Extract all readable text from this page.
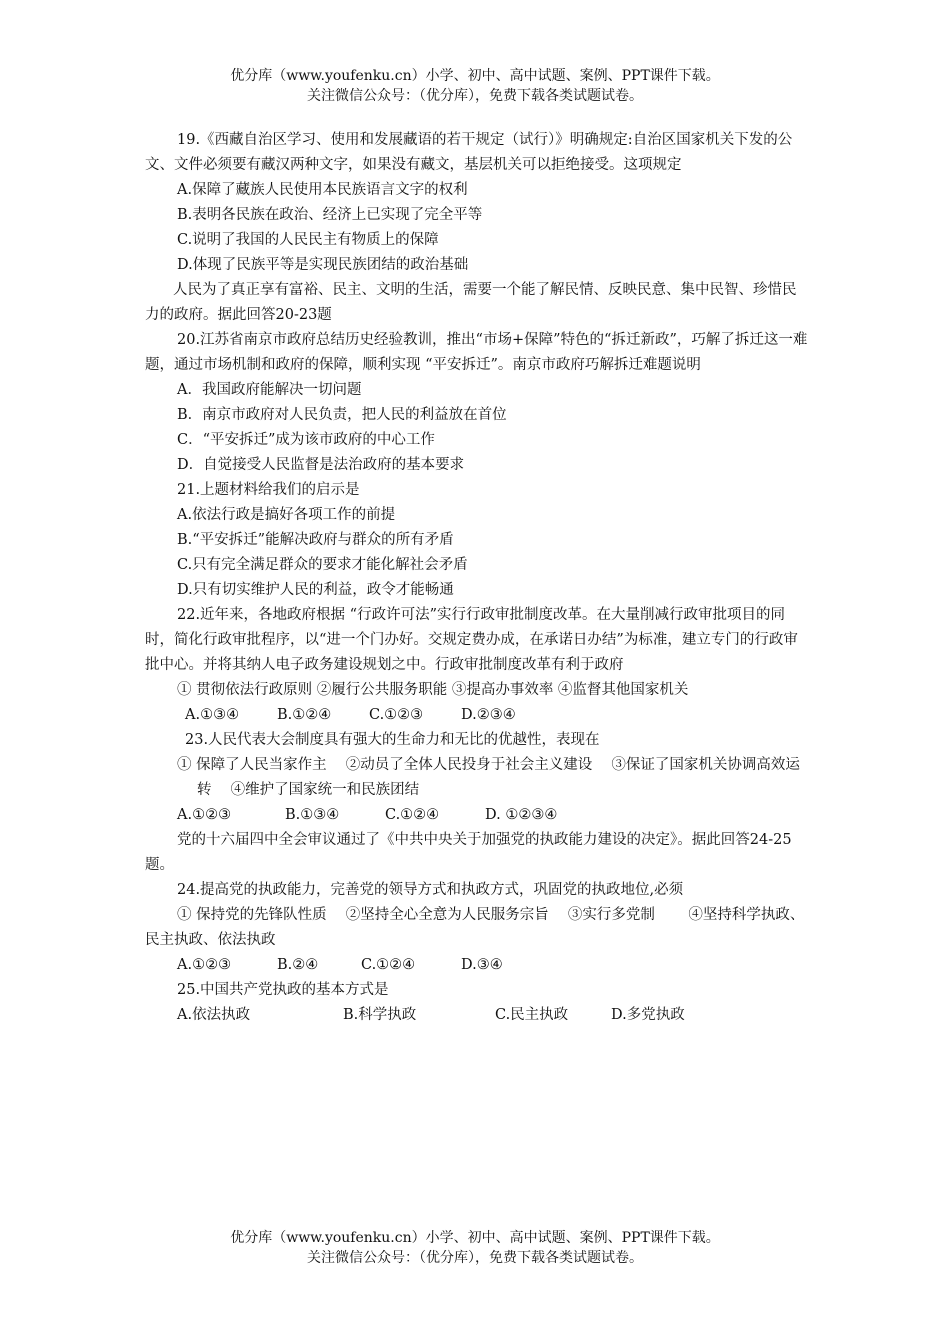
优分库（www.youfenku.cn）小学、初中、高中试题、案例、PPT课件下载。
关注微信公众号：（优分库），免费下载各类试题试卷。

19.《西藏自治区学习、使用和发展藏语的若干规定（试行）》明确规定:自治区国家机关下发的公文、文件必须要有藏汉两种文字，如果没有藏文，基层机关可以拒绝接受。这项规定

A.保障了藏族人民使用本民族语言文字的权利

B.表明各民族在政治、经济上已实现了完全平等

C.说明了我国的人民民主有物质上的保障

D.体现了民族平等是实现民族团结的政治基础

人民为了真正享有富裕、民主、文明的生活，需要一个能了解民情、反映民意、集中民智、珍惜民力的政府。据此回答20-23题

20.江苏省南京市政府总结历史经验教训，推出“市场+保障”特色的“拆迁新政”，巧解了拆迁这一难题，通过市场机制和政府的保障，顺利实现 “平安拆迁”。南京市政府巧解拆迁难题说明

A．我国政府能解决一切问题

B．南京市政府对人民负责，把人民的利益放在首位

C．“平安拆迁”成为该市政府的中心工作

D．自觉接受人民监督是法治政府的基本要求

21.上题材料给我们的启示是

A.依法行政是搞好各项工作的前提

B.“平安拆迁”能解决政府与群众的所有矛盾

C.只有完全满足群众的要求才能化解社会矛盾

D.只有切实维护人民的利益，政令才能畅通

22.近年来，各地政府根据 “行政许可法”实行行政审批制度改革。在大量削减行政审批项目的同时，简化行政审批程序，以“进一个门办好。交规定费办成，在承诺日办结”为标准，建立专门的行政审批中心。并将其纳人电子政务建设规划之中。行政审批制度改革有利于政府

① 贯彻依法行政原则 ②履行公共服务职能 ③提高办事效率 ④监督其他国家机关

A.①③④	B.①②④	C.①②③	D.②③④

23.人民代表大会制度具有强大的生命力和无比的优越性，表现在

① 保障了人民当家作主　 ②动员了全体人民投身于社会主义建设　 ③保证了国家机关协调高效运转　 ④维护了国家统一和民族团结

A.①②③	B.①③④	C.①②④	D. ①②③④

党的十六届四中全会审议通过了《中共中央关于加强党的执政能力建设的决定》。据此回答24-25题。

24.提高党的执政能力，完善党的领导方式和执政方式，巩固党的执政地位,必须

① 保持党的先锋队性质　 ②坚持全心全意为人民服务宗旨　 ③实行多党制　　 ④坚持科学执政、民主执政、依法执政

A.①②③	B.②④	C.①②④	D.③④

25.中国共产党执政的基本方式是

A.依法执政	B.科学执政	C.民主执政	D.多党执政
优分库（www.youfenku.cn）小学、初中、高中试题、案例、PPT课件下载。
关注微信公众号：（优分库），免费下载各类试题试卷。
